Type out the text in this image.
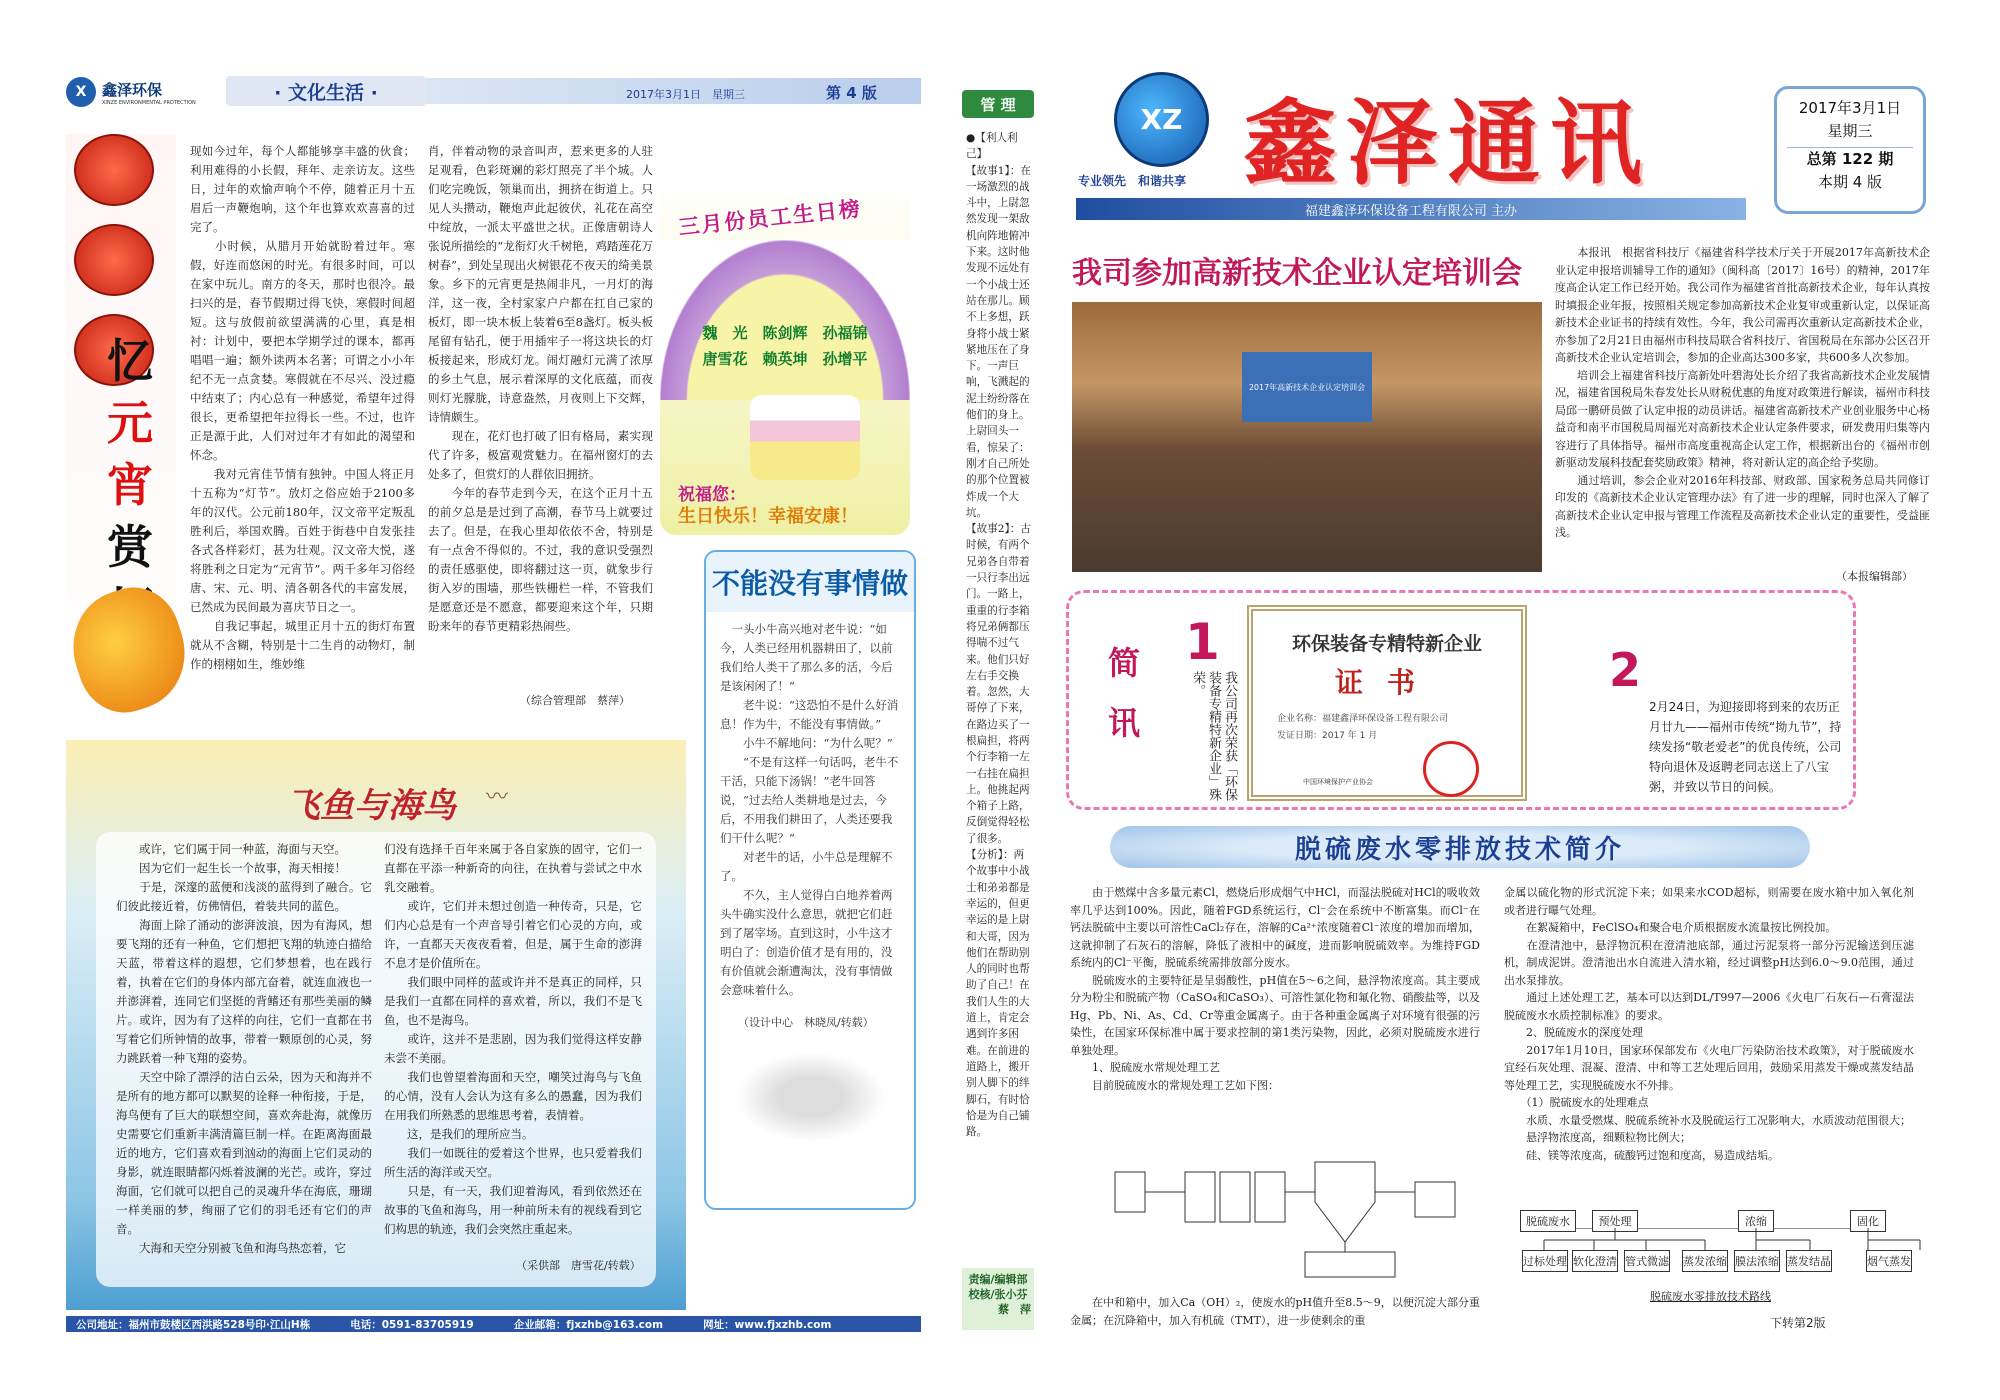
X	鑫泽环保
XINZE ENVIRONMENTAL PROTECTION	· 文化生活 ·	2017年3月1日　星期三	第 4 版
忆
元
宵
赏
现如今过年，每个人都能够享丰盛的伙食；利用难得的小长假，拜年、走亲访友。这些日，过年的欢愉声响个不停，随着正月十五眉后一声鞭炮响，这个年也算欢欢喜喜的过完了。
　　小时候，从腊月开始就盼着过年。寒假，好连而悠闲的时光。有很多时间，可以在家中玩儿。南方的冬天，那时也很冷。最扫兴的是，春节假期过得飞快，寒假时间超短。这与放假前欲望满满的心里，真是相衬：计划中，要把本学期学过的课本，都再唱唱一遍；额外读两本名著；可谓之小小年纪不无一点贪婪。寒假就在不尽兴、没过瘾中结束了；内心总有一种感觉，希望年过得很长，更希望把年拉得长一些。不过，也许正是源于此，人们对过年才有如此的渴望和怀念。
　　我对元宵佳节情有独钟。中国人将正月十五称为“灯节”。放灯之俗应始于2100多年的汉代。公元前180年，汉文帝平定叛乱胜利后，举国欢腾。百姓于街巷中自发张挂各式各样彩灯，甚为壮观。汉文帝大悦，遂将胜利之日定为“元宵节”。两千多年习俗经唐、宋、元、明、清各朝各代的丰富发展，已然成为民间最为喜庆节日之一。
　　自我记事起，城里正月十五的街灯布置就从不含糊，特别是十二生肖的动物灯，制作的栩栩如生，维妙维
肖，伴着动物的录音叫声，惹来更多的人驻足观看，色彩斑斓的彩灯照亮了半个城。人们吃完晚饭，领巢而出，拥挤在街道上。只见人头攒动，鞭炮声此起彼伏，礼花在高空中绽放，一派太平盛世之状。正像唐朝诗人张说所描绘的“龙衔灯火千树艳，鸡踏莲花万树春”，到处呈现出火树银花不夜天的绮美景象。乡下的元宵更是热闹非凡，一月灯的海洋，这一夜，全村家家户户都在扛自己家的板灯，即一块木板上装着6至8盏灯。板头板尾留有钻孔，便于用插牢子一将这块长的灯板接起来，形成灯龙。闹灯融灯元满了浓厚的乡土气息，展示着深厚的文化底蕴，而夜则灯光朦胧，诗意盎然，月夜则上下交辉，诗情颇生。
　　现在，花灯也打破了旧有格局，素实现代了许多，极富观赏魅力。在福州窗灯的去处多了，但赏灯的人群依旧拥挤。
　　今年的春节走到今天，在这个正月十五的前夕总是是过到了高潮，春节马上就要过去了。但是，在我心里却依依不舍，特别是有一点舍不得似的。不过，我的意识受强烈的责任感驱使，即将翻过这一页，就象步行街入岁的围墙，那些铁栅栏一样，不管我们是愿意还是不愿意，都要迎来这个年，只期盼来年的春节更精彩热闹些。
（综合管理部　蔡萍）
三月份员工生日榜
魏　光　陈剑辉　孙福锦
唐雪花　赖英坤　孙增平
祝福您：
生日快乐！幸福安康！
不能没有事情做
　一头小牛高兴地对老牛说：“如今，人类已经用机器耕田了，以前我们给人类干了那么多的活，今后是该闲闲了！”
　　老牛说：“这恐怕不是什么好消息！作为牛，不能没有事情做。”
　　小牛不解地问：“为什么呢？”
　　“不是有这样一句话吗，老牛不干活，只能下汤锅！”老牛回答说，“过去给人类耕地是过去，今后，不用我们耕田了，人类还要我们干什么呢？”
　　对老牛的话，小牛总是理解不了。
　　不久，主人觉得白白地养着两头牛确实没什么意思，就把它们赶到了屠宰场。直到这时，小牛这才明白了：创造价值才是有用的，没有价值就会渐遭淘汰，没有事情做会意味着什么。
（设计中心　林晓凤/转载）
飞鱼与海鸟 〰
　　或许，它们属于同一种蓝，海面与天空。
　　因为它们一起生长一个故事，海天相接！
　　于是，深邃的蓝便和浅淡的蓝得到了融合。它们彼此接近着，仿佛情侣，着装共同的蓝色。
　　海面上除了涌动的澎湃波浪，因为有海风，想要飞翔的还有一种鱼，它们想把飞翔的轨迹白描给天蓝，带着这样的遐想，它们梦想着，也在践行着，执着在它们的身体内部亢奋着，就连血液也一并澎湃着，连同它们坚挺的背鳍还有那些美丽的鳞片。或许，因为有了这样的向往，它们一直都在书写着它们所钟情的故事，带着一颗原创的心灵，努力跳跃着一种飞翔的姿势。
　　天空中除了漂浮的洁白云朵，因为天和海并不是所有的地方都可以默契的诠释一种衔接，于是，海鸟便有了巨大的联想空间，喜欢奔赴海，就像历史需要它们重新丰满清篇巨制一样。在距离海面最近的地方，它们喜欢看到汹动的海面上它们灵动的身影，就连眼睛都闪烁着波澜的光芒。或许，穿过海面，它们就可以把自己的灵魂升华在海底，珊瑚一样美丽的梦，绚丽了它们的羽毛还有它们的声音。
　　大海和天空分别被飞鱼和海鸟热恋着，它
们没有选择千百年来属于各自家族的固守，它们一直都在平添一种新奇的向往，在执着与尝试之中水乳交融着。
　　或许，它们并未想过创造一种传奇，只是，它们内心总是有一个声音导引着它们心灵的方向，或许，一直都天天夜夜看着，但是，属于生命的澎湃不息才是价值所在。
　　我们眼中同样的蓝或许并不是真正的同样，只是我们一直都在同样的喜欢着，所以，我们不是飞鱼，也不是海鸟。
　　或许，这并不是悲剧，因为我们觉得这样安静未尝不美丽。
　　我们也曾望着海面和天空，嘲笑过海鸟与飞鱼的心情，没有人会认为这有多么的愚蠢，因为我们在用我们所熟悉的思维思考着，表情着。
　　这，是我们的理所应当。
　　我们一如既往的爱着这个世界，也只爱着我们所生活的海洋或天空。
　　只是，有一天，我们迎着海风，看到依然还在故事的飞鱼和海鸟，用一种前所未有的视线看到它们构思的轨迹，我们会突然庄重起来。
（采供部　唐雪花/转载）
公司地址：福州市鼓楼区西洪路528号印·江山H栋	电话：0591-83705919	企业邮箱：fjxzhb@163.com	网址：www.fjxzhb.com
管 理
●【利人利己】
【故事1】：在一场激烈的战斗中，上尉忽然发现一架敌机向阵地俯冲下来。这时他发现不远处有一个小战士还站在那儿。顾不上多想，跃身将小战士紧紧地压在了身下。一声巨响，飞溅起的泥土纷纷落在他们的身上。上尉回头一看，惊呆了：刚才自己所处的那个位置被炸成一个大坑。
【故事2】：古时候，有两个兄弟各自带着一只行李出远门。一路上，重重的行李箱将兄弟俩都压得喘不过气来。他们只好左右手交换着。忽然，大哥停了下来，在路边买了一根扁担，将两个行李箱一左一右挂在扁担上。他挑起两个箱子上路，反倒觉得轻松了很多。
【分析】：两个故事中小战士和弟弟都是幸运的，但更幸运的是上尉和大哥，因为他们在帮助别人的同时也帮助了自己！在我们人生的大道上，肯定会遇到许多困难。在前进的道路上，搬开别人脚下的绊脚石，有时恰恰是为自己铺路。
责编/编辑部
校核/张小芬
　　　蔡　萍
XZ
专业领先　和谐共享 鑫泽通讯
福建鑫泽环保设备工程有限公司 主办
2017年3月1日
星期三
总第 122 期
本期 4 版
我司参加高新技术企业认定培训会
2017年高新技术企业认定培训会
　　本报讯　根据省科技厅《福建省科学技术厅关于开展2017年高新技术企业认定申报培训辅导工作的通知》（闽科高〔2017〕16号）的精神，2017年度高企认定工作已经开始。我公司作为福建省首批高新技术企业，每年认真按时填报企业年报，按照相关规定参加高新技术企业复审或重新认定，以保证高新技术企业证书的持续有效性。今年，我公司需再次重新认定高新技术企业，亦参加了2月21日由福州市科技局联合省科技厅、省国税局在东部办公区召开高新技术企业认定培训会，参加的企业高达300多家，共600多人次参加。
　　培训会上福建省科技厅高新处叶碧海处长介绍了我省高新技术企业发展情况，福建省国税局朱春发处长从财税优惠的角度对政策进行解读，福州市科技局邱一鹏研员做了认定申报的动员讲话。福建省高新技术产业创业服务中心杨益奇和南平市国税局周福光对高新技术企业认定条件要求，研发费用归集等内容进行了具体指导。福州市高度重视高企认定工作，根据新出台的《福州市创新驱动发展科技配套奖励政策》精神，将对新认定的高企给予奖励。
　　通过培训，参会企业对2016年科技部、财政部、国家税务总局共同修订印发的《高新技术企业认定管理办法》有了进一步的理解，同时也深入了解了高新技术企业认定申报与管理工作流程及高新技术企业认定的重要性，受益匪浅。
（本报编辑部）
简讯
1
我公司再次荣获「环保装备专精特新企业」殊荣。
环保装备专精特新企业
证书
企业名称：福建鑫泽环保设备工程有限公司
发证日期：2017 年 1 月
中国环境保护产业协会
2
2月24日，为迎接即将到来的农历正月廿九——福州市传统“拗九节”，持续发扬“敬老爱老”的优良传统，公司特向退休及返聘老同志送上了八宝粥，并致以节日的问候。
脱硫废水零排放技术简介
　　由于燃煤中含多量元素Cl，燃烧后形成烟气中HCl，而湿法脱硫对HCl的吸收效率几乎达到100%。因此，随着FGD系统运行，Cl⁻会在系统中不断富集。而Cl⁻在钙法脱硫中主要以可溶性CaCl₂存在，溶解的Ca²⁺浓度随着Cl⁻浓度的增加而增加，这就抑制了石灰石的溶解，降低了液相中的碱度，进而影响脱硫效率。为维持FGD系统内的Cl⁻平衡，脱硫系统需排放部分废水。
　　脱硫废水的主要特征是呈弱酸性，pH值在5～6之间，悬浮物浓度高。其主要成分为粉尘和脱硫产物（CaSO₄和CaSO₃）、可溶性氯化物和氟化物、硝酸盐等，以及Hg、Pb、Ni、As、Cd、Cr等重金属离子。由于各种重金属离子对环境有很强的污染性，在国家环保标准中属于要求控制的第1类污染物，因此，必须对脱硫废水进行单独处理。
　　1、脱硫废水常规处理工艺
　　目前脱硫废水的常规处理工艺如下图：
　　在中和箱中，加入Ca（OH）₂，使废水的pH值升至8.5～9，以便沉淀大部分重金属；在沉降箱中，加入有机硫（TMT），进一步使剩余的重
金属以硫化物的形式沉淀下来；如果来水COD超标，则需要在废水箱中加入氧化剂或者进行曝气处理。
　　在絮凝箱中，FeClSO₄和聚合电介质根据废水流量按比例投加。
　　在澄清池中，悬浮物沉积在澄清池底部，通过污泥泵将一部分污泥输送到压滤机，制成泥饼。澄清池出水自流进入清水箱，经过调整pH达到6.0～9.0范围，通过出水泵排放。
　　通过上述处理工艺，基本可以达到DL/T997—2006《火电厂石灰石—石膏湿法脱硫废水水质控制标准》的要求。
　　2、脱硫废水的深度处理
　　2017年1月10日，国家环保部发布《火电厂污染防治技术政策》，对于脱硫废水宜经石灰处理、混凝、澄清、中和等工艺处理后回用，鼓励采用蒸发干燥或蒸发结晶等处理工艺，实现脱硫废水不外排。
　　（1）脱硫废水的处理难点
　　水质、水量受燃煤、脱硫系统补水及脱硫运行工况影响大，水质波动范围很大；
　　悬浮物浓度高，细颗粒物比例大；
　　硅、镁等浓度高，硫酸钙过饱和度高，易造成结垢。
脱硫废水	预处理	浓缩	固化
过标处理 软化澄清 管式微滤 蒸发浓缩 膜法浓缩 蒸发结晶	烟气蒸发
脱硫废水零排放技术路线
下转第2版
